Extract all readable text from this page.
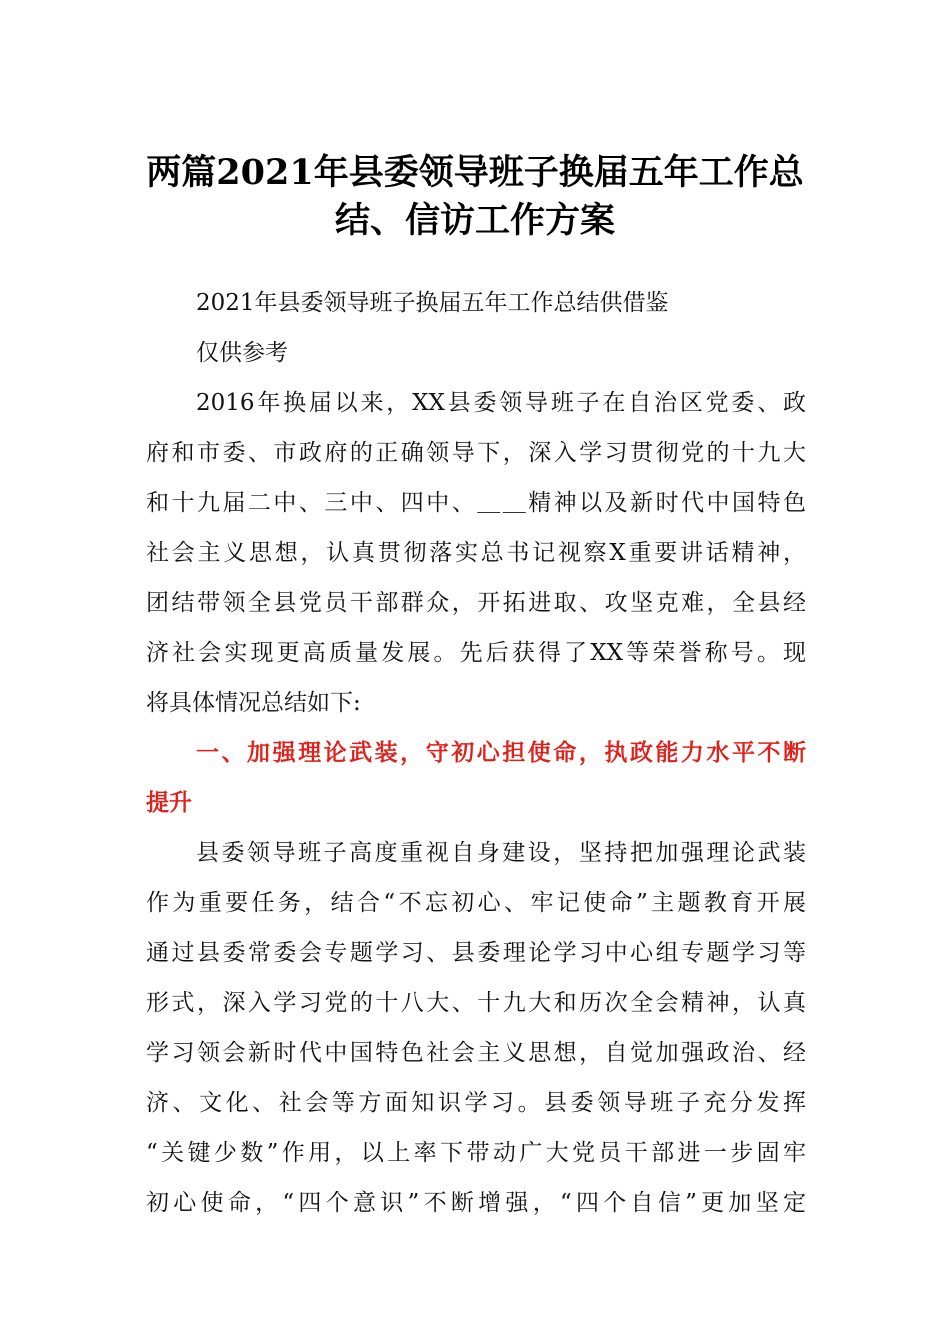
两篇2021年县委领导班子换届五年工作总
结、信访工作方案
2021年县委领导班子换届五年工作总结供借鉴
仅供参考
2016年换届以来，XX县委领导班子在自治区党委、政
府和市委、市政府的正确领导下，深入学习贯彻党的十九大
和十九届二中、三中、四中、＿＿精神以及新时代中国特色
社会主义思想，认真贯彻落实总书记视察X重要讲话精神，
团结带领全县党员干部群众，开拓进取、攻坚克难，全县经
济社会实现更高质量发展。先后获得了XX等荣誉称号。现
将具体情况总结如下:
一、加强理论武装，守初心担使命，执政能力水平不断
提升
县委领导班子高度重视自身建设，坚持把加强理论武装
作为重要任务，结合“不忘初心、牢记使命”主题教育开展
通过县委常委会专题学习、县委理论学习中心组专题学习等
形式，深入学习党的十八大、十九大和历次全会精神，认真
学习领会新时代中国特色社会主义思想，自觉加强政治、经
济、文化、社会等方面知识学习。县委领导班子充分发挥
“关键少数”作用，以上率下带动广大党员干部进一步固牢
初心使命，“四个意识”不断增强，“四个自信”更加坚定
